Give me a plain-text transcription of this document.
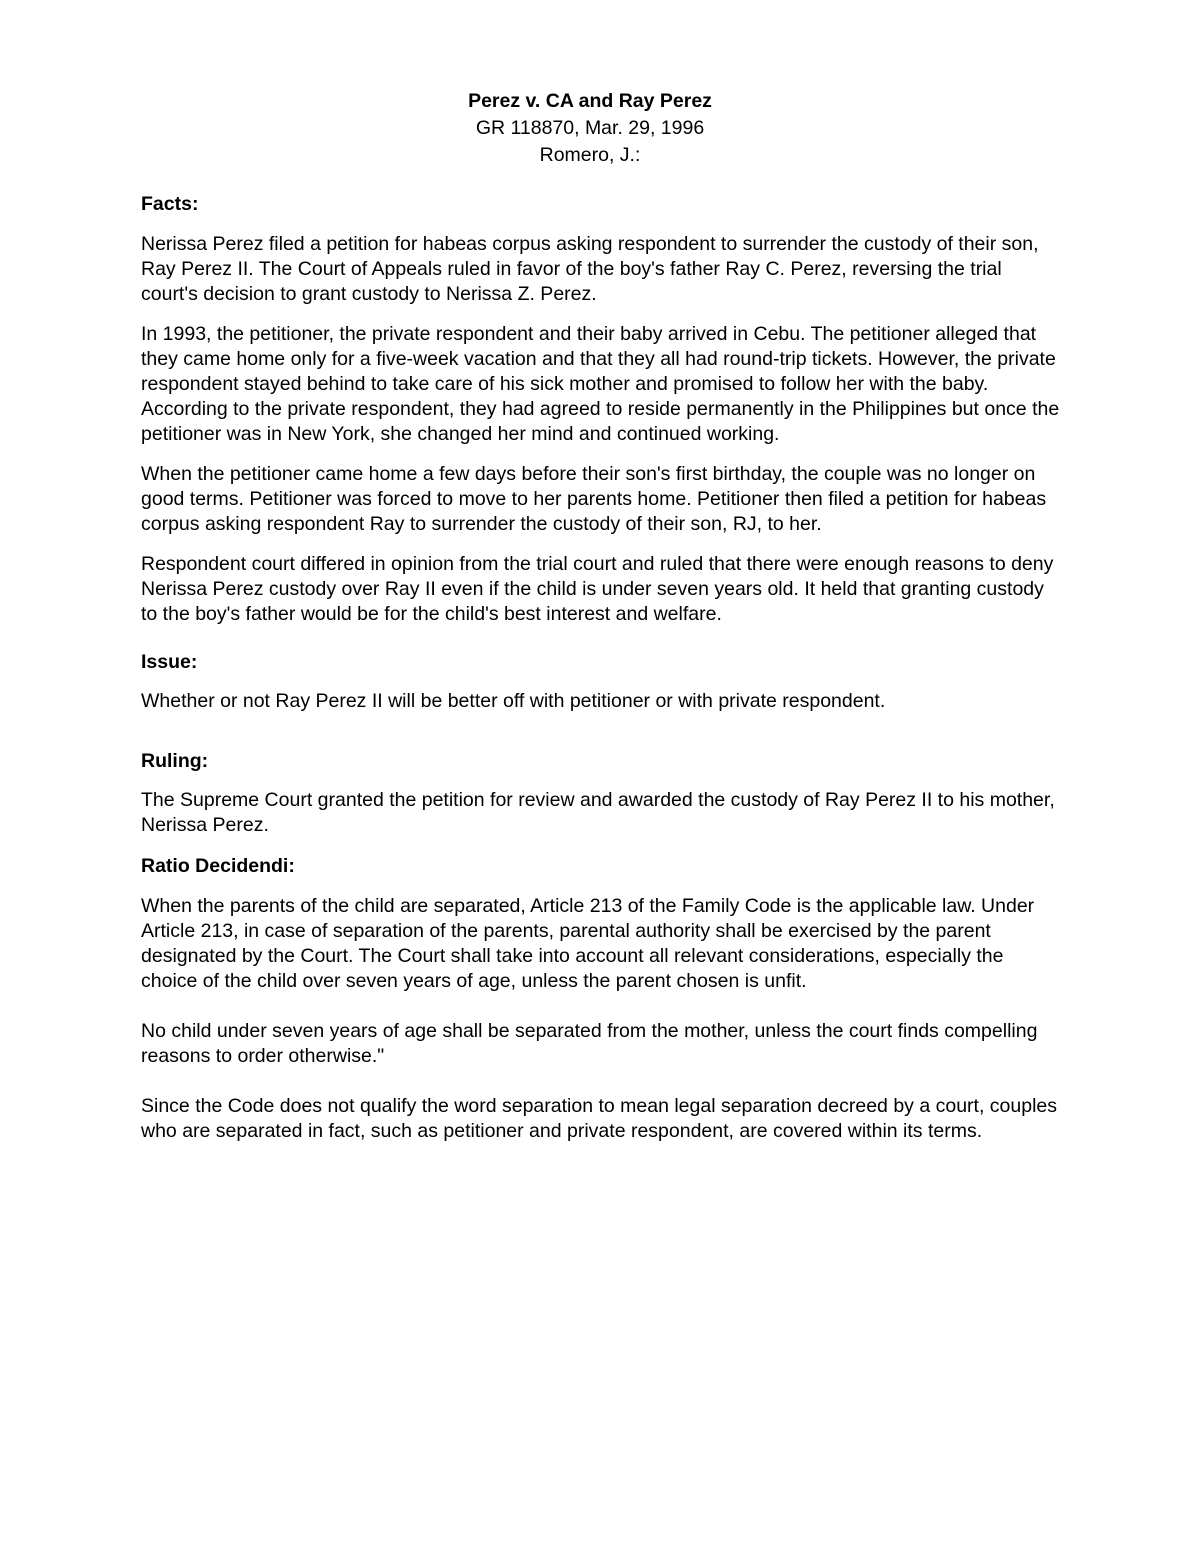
Perez v. CA and Ray Perez
GR 118870, Mar. 29, 1996
Romero, J.:
Facts:

Nerissa Perez filed a petition for habeas corpus asking respondent to surrender the custody of their son, Ray Perez II. The Court of Appeals ruled in favor of the boy's father Ray C. Perez, reversing the trial court's decision to grant custody to Nerissa Z. Perez.

In 1993, the petitioner, the private respondent and their baby arrived in Cebu. The petitioner alleged that they came home only for a five-week vacation and that they all had round-trip tickets. However, the private respondent stayed behind to take care of his sick mother and promised to follow her with the baby. According to the private respondent, they had agreed to reside permanently in the Philippines but once the petitioner was in New York, she changed her mind and continued working.

When the petitioner came home a few days before their son's first birthday, the couple was no longer on good terms. Petitioner was forced to move to her parents home. Petitioner then filed a petition for habeas corpus asking respondent Ray to surrender the custody of their son, RJ, to her.

Respondent court differed in opinion from the trial court and ruled that there were enough reasons to deny Nerissa Perez custody over Ray II even if the child is under seven years old. It held that granting custody to the boy's father would be for the child's best interest and welfare.

Issue:

Whether or not Ray Perez II will be better off with petitioner or with private respondent.

Ruling:

The Supreme Court granted the petition for review and awarded the custody of Ray Perez II to his mother, Nerissa Perez.

Ratio Decidendi:

When the parents of the child are separated, Article 213 of the Family Code is the applicable law. Under Article 213, in case of separation of the parents, parental authority shall be exercised by the parent designated by the Court. The Court shall take into account all relevant considerations, especially the choice of the child over seven years of age, unless the parent chosen is unfit.

No child under seven years of age shall be separated from the mother, unless the court finds compelling reasons to order otherwise."

Since the Code does not qualify the word separation to mean legal separation decreed by a court, couples who are separated in fact, such as petitioner and private respondent, are covered within its terms.
